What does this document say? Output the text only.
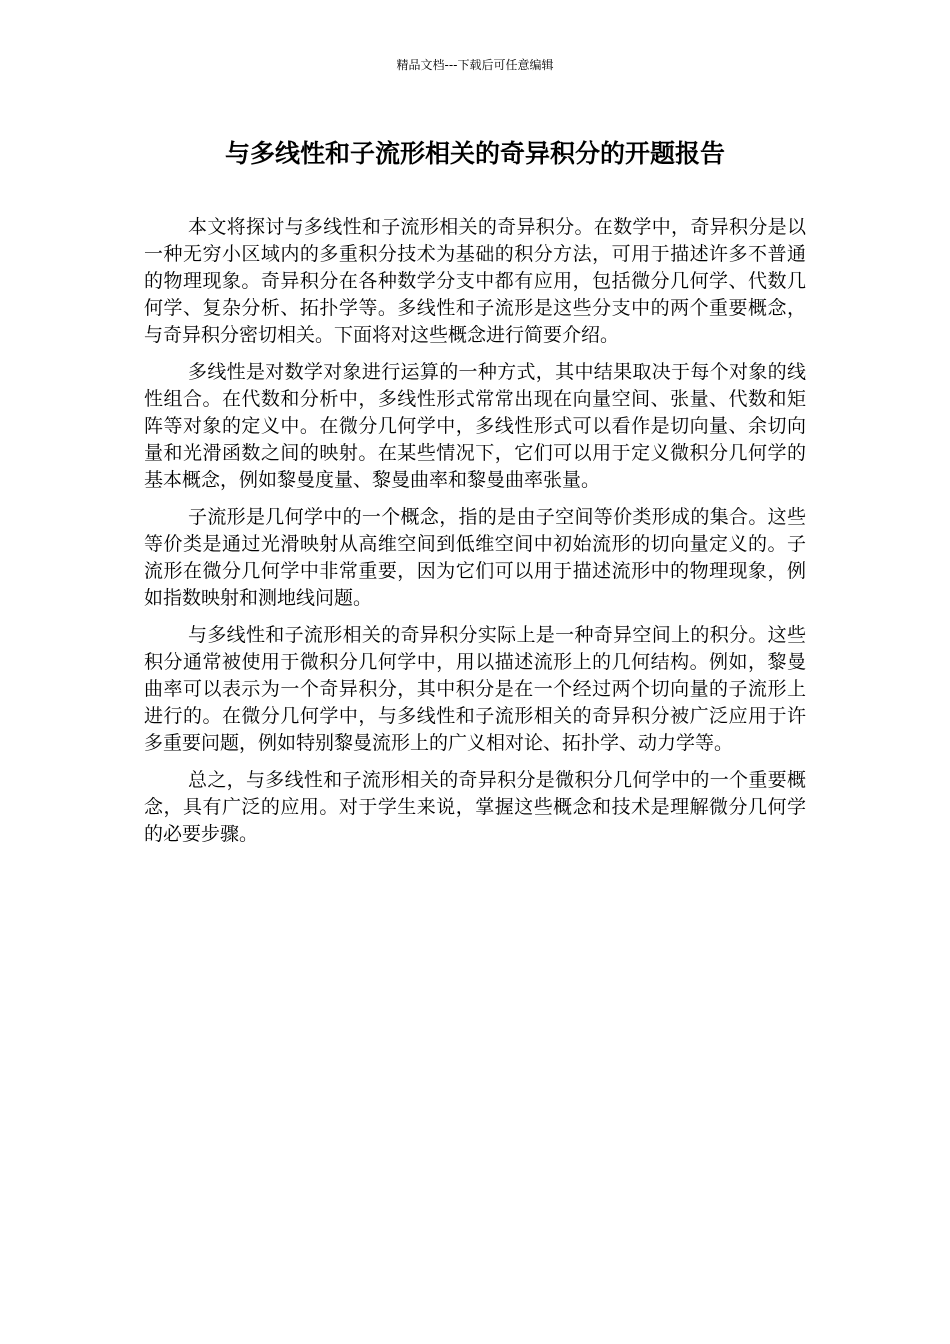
精品文档---下载后可任意编辑
与多线性和子流形相关的奇异积分的开题报告

本文将探讨与多线性和子流形相关的奇异积分。在数学中，奇异积分是以一种无穷小区域内的多重积分技术为基础的积分方法，可用于描述许多不普通的物理现象。奇异积分在各种数学分支中都有应用，包括微分几何学、代数几何学、复杂分析、拓扑学等。多线性和子流形是这些分支中的两个重要概念，与奇异积分密切相关。下面将对这些概念进行简要介绍。

多线性是对数学对象进行运算的一种方式，其中结果取决于每个对象的线性组合。在代数和分析中，多线性形式常常出现在向量空间、张量、代数和矩阵等对象的定义中。在微分几何学中，多线性形式可以看作是切向量、余切向量和光滑函数之间的映射。在某些情况下，它们可以用于定义微积分几何学的基本概念，例如黎曼度量、黎曼曲率和黎曼曲率张量。

子流形是几何学中的一个概念，指的是由子空间等价类形成的集合。这些等价类是通过光滑映射从高维空间到低维空间中初始流形的切向量定义的。子流形在微分几何学中非常重要，因为它们可以用于描述流形中的物理现象，例如指数映射和测地线问题。

与多线性和子流形相关的奇异积分实际上是一种奇异空间上的积分。这些积分通常被使用于微积分几何学中，用以描述流形上的几何结构。例如，黎曼曲率可以表示为一个奇异积分，其中积分是在一个经过两个切向量的子流形上进行的。在微分几何学中，与多线性和子流形相关的奇异积分被广泛应用于许多重要问题，例如特别黎曼流形上的广义相对论、拓扑学、动力学等。

总之，与多线性和子流形相关的奇异积分是微积分几何学中的一个重要概念，具有广泛的应用。对于学生来说，掌握这些概念和技术是理解微分几何学的必要步骤。
